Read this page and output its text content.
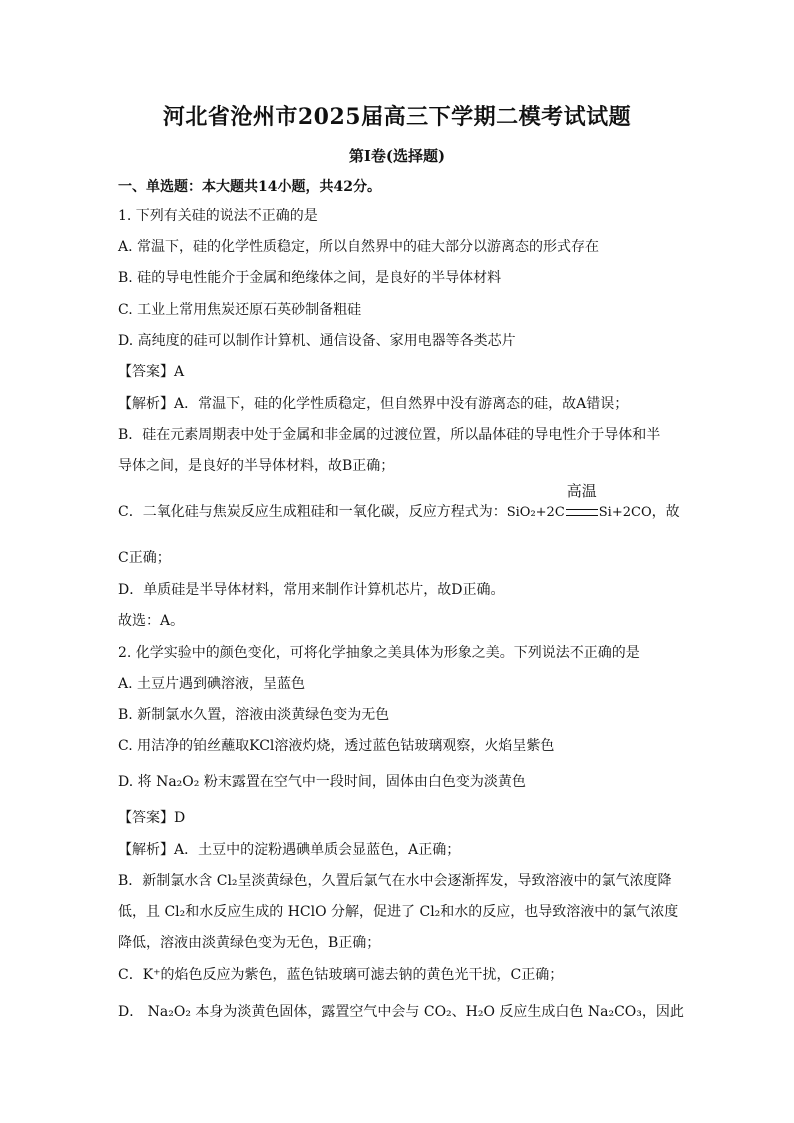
河北省沧州市2025届高三下学期二模考试试题
第I卷(选择题)
一、单选题：本大题共14小题，共42分。
1. 下列有关硅的说法不正确的是
A. 常温下，硅的化学性质稳定，所以自然界中的硅大部分以游离态的形式存在
B. 硅的导电性能介于金属和绝缘体之间，是良好的半导体材料
C. 工业上常用焦炭还原石英砂制备粗硅
D. 高纯度的硅可以制作计算机、通信设备、家用电器等各类芯片
【答案】A
【解析】A．常温下，硅的化学性质稳定，但自然界中没有游离态的硅，故A错误；
B．硅在元素周期表中处于金属和非金属的过渡位置，所以晶体硅的导电性介于导体和半
导体之间，是良好的半导体材料，故B正确；
C．二氧化硅与焦炭反应生成粗硅和一氧化碳，反应方程式为：SiO₂+2C
高温
Si+2CO，故
C正确；
D．单质硅是半导体材料，常用来制作计算机芯片，故D正确。
故选：A。
2. 化学实验中的颜色变化，可将化学抽象之美具体为形象之美。下列说法不正确的是
A. 土豆片遇到碘溶液，呈蓝色
B. 新制氯水久置，溶液由淡黄绿色变为无色
C. 用洁净的铂丝蘸取KCl溶液灼烧，透过蓝色钴玻璃观察，火焰呈紫色
D. 将 Na₂O₂ 粉末露置在空气中一段时间，固体由白色变为淡黄色
【答案】D
【解析】A．土豆中的淀粉遇碘单质会显蓝色，A正确；
B．新制氯水含 Cl₂呈淡黄绿色，久置后氯气在水中会逐渐挥发，导致溶液中的氯气浓度降
低，且 Cl₂和水反应生成的 HClO 分解，促进了 Cl₂和水的反应，也导致溶液中的氯气浓度
降低，溶液由淡黄绿色变为无色，B正确；
C．K⁺的焰色反应为紫色，蓝色钴玻璃可滤去钠的黄色光干扰，C正确；
D． Na₂O₂ 本身为淡黄色固体，露置空气中会与 CO₂、H₂O 反应生成白色 Na₂CO₃，因此
